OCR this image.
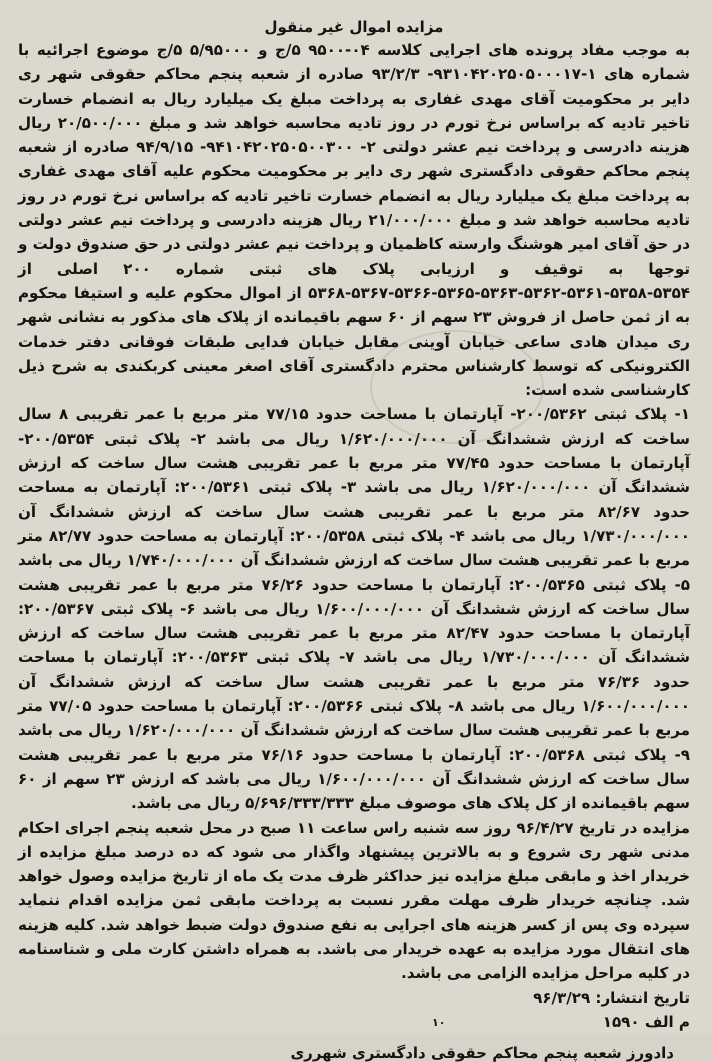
مزایده اموال غیر منقول

به موجب مفاد پرونده های اجرایی کلاسه ۰۴-۹۵۰۰ ۵/ج و ۵/۹۵۰۰۰ ۵/ج موضوع اجرائیه با شماره های ۱-۹۳۱۰۴۲۰۲۵۰۵۰۰۰۱۷- ۹۳/۲/۳ صادره از شعبه پنجم محاکم حقوقی شهر ری دایر بر محکومیت آقای مهدی غفاری به پرداخت مبلغ یک میلیارد ریال به انضمام خسارت تاخیر تادیه که براساس نرخ تورم در روز تادیه محاسبه خواهد شد و مبلغ ۲۰/۵۰۰/۰۰۰ ریال هزینه دادرسی و پرداخت نیم عشر دولتی ۲- ۹۴۱۰۴۲۰۲۵۰۵۰۰۳۰۰- ۹۴/۹/۱۵ صادره از شعبه پنجم محاکم حقوقی دادگستری شهر ری دایر بر محکومیت محکوم علیه آقای مهدی غفاری به پرداخت مبلغ یک میلیارد ریال به انضمام خسارت تاخیر تادیه که براساس نرخ تورم در روز تادیه محاسبه خواهد شد و مبلغ ۲۱/۰۰۰/۰۰۰ ریال هزینه دادرسی و پرداخت نیم عشر دولتی در حق آقای امیر هوشنگ وارسته کاظمیان و پرداخت نیم عشر دولتی در حق صندوق دولت و توجها به توقیف و ارزیابی پلاک های ثبتی شماره ۲۰۰ اصلی از ۵۳۵۴-۵۳۵۸-۵۳۶۱-۵۳۶۲-۵۳۶۳-۵۳۶۵-۵۳۶۶-۵۳۶۷-۵۳۶۸ از اموال محکوم علیه و استیفا محکوم به از ثمن حاصل از فروش ۲۳ سهم از ۶۰ سهم باقیمانده از پلاک های مذکور به نشانی شهر ری میدان هادی ساعی خیابان آوینی مقابل خیابان فدایی طبقات فوقانی دفتر خدمات الکترونیکی که توسط کارشناس محترم دادگستری آقای اصغر معینی کربکندی به شرح ذیل کارشناسی شده است:

۱- پلاک ثبتی ۲۰۰/۵۳۶۲- آپارتمان با مساحت حدود ۷۷/۱۵ متر مربع با عمر تقریبی ۸ سال ساخت که ارزش ششدانگ آن ۱/۶۲۰/۰۰۰/۰۰۰ ریال می باشد ۲- پلاک ثبتی ۲۰۰/۵۳۵۴- آپارتمان با مساحت حدود ۷۷/۴۵ متر مربع با عمر تقریبی هشت سال ساخت که ارزش ششدانگ آن ۱/۶۲۰/۰۰۰/۰۰۰ ریال می باشد ۳- پلاک ثبتی ۲۰۰/۵۳۶۱: آپارتمان به مساحت حدود ۸۲/۶۷ متر مربع با عمر تقریبی هشت سال ساخت که ارزش ششدانگ آن ۱/۷۳۰/۰۰۰/۰۰۰ ریال می باشد ۴- پلاک ثبتی ۲۰۰/۵۳۵۸: آپارتمان به مساحت حدود ۸۲/۷۷ متر مربع با عمر تقریبی هشت سال ساخت که ارزش ششدانگ آن ۱/۷۴۰/۰۰۰/۰۰۰ ریال می باشد ۵- پلاک ثبتی ۲۰۰/۵۳۶۵: آپارتمان با مساحت حدود ۷۶/۲۶ متر مربع با عمر تقریبی هشت سال ساخت که ارزش ششدانگ آن ۱/۶۰۰/۰۰۰/۰۰۰ ریال می باشد ۶- پلاک ثبتی ۲۰۰/۵۳۶۷: آپارتمان با مساحت حدود ۸۲/۴۷ متر مربع با عمر تقریبی هشت سال ساخت که ارزش ششدانگ آن ۱/۷۳۰/۰۰۰/۰۰۰ ریال می باشد ۷- پلاک ثبتی ۲۰۰/۵۳۶۳: آپارتمان با مساحت حدود ۷۶/۳۶ متر مربع با عمر تقریبی هشت سال ساخت که ارزش ششدانگ آن ۱/۶۰۰/۰۰۰/۰۰۰ ریال می باشد ۸- پلاک ثبتی ۲۰۰/۵۳۶۶: آپارتمان با مساحت حدود ۷۷/۰۵ متر مربع با عمر تقریبی هشت سال ساخت که ارزش ششدانگ آن ۱/۶۲۰/۰۰۰/۰۰۰ ریال می باشد ۹- پلاک ثبتی ۲۰۰/۵۳۶۸: آپارتمان با مساحت حدود ۷۶/۱۶ متر مربع با عمر تقریبی هشت سال ساخت که ارزش ششدانگ آن ۱/۶۰۰/۰۰۰/۰۰۰ ریال می باشد که ارزش ۲۳ سهم از ۶۰ سهم باقیمانده از کل پلاک های موصوف مبلغ ۵/۶۹۶/۳۳۳/۳۳۳ ریال می باشد.

مزایده در تاریخ ۹۶/۴/۲۷ روز سه شنبه راس ساعت ۱۱ صبح در محل شعبه پنجم اجرای احکام مدنی شهر ری شروع و به بالاترین پیشنهاد واگذار می شود که ده درصد مبلغ مزایده از خریدار اخذ و مابقی مبلغ مزایده نیز حداکثر ظرف مدت یک ماه از تاریخ مزایده وصول خواهد شد. چنانچه خریدار ظرف مهلت مقرر نسبت به پرداخت مابقی ثمن مزایده اقدام ننماید سپرده وی پس از کسر هزینه های اجرایی به نفع صندوق دولت ضبط خواهد شد. کلیه هزینه های انتقال مورد مزایده به عهده خریدار می باشد. به همراه داشتن کارت ملی و شناسنامه در کلیه مراحل مزایده الزامی می باشد.

تاریخ انتشار: ۹۶/۳/۲۹

م الف ۱۵۹۰

دادورز شعبه پنجم محاکم حقوقی دادگستری شهرری
۱۰
